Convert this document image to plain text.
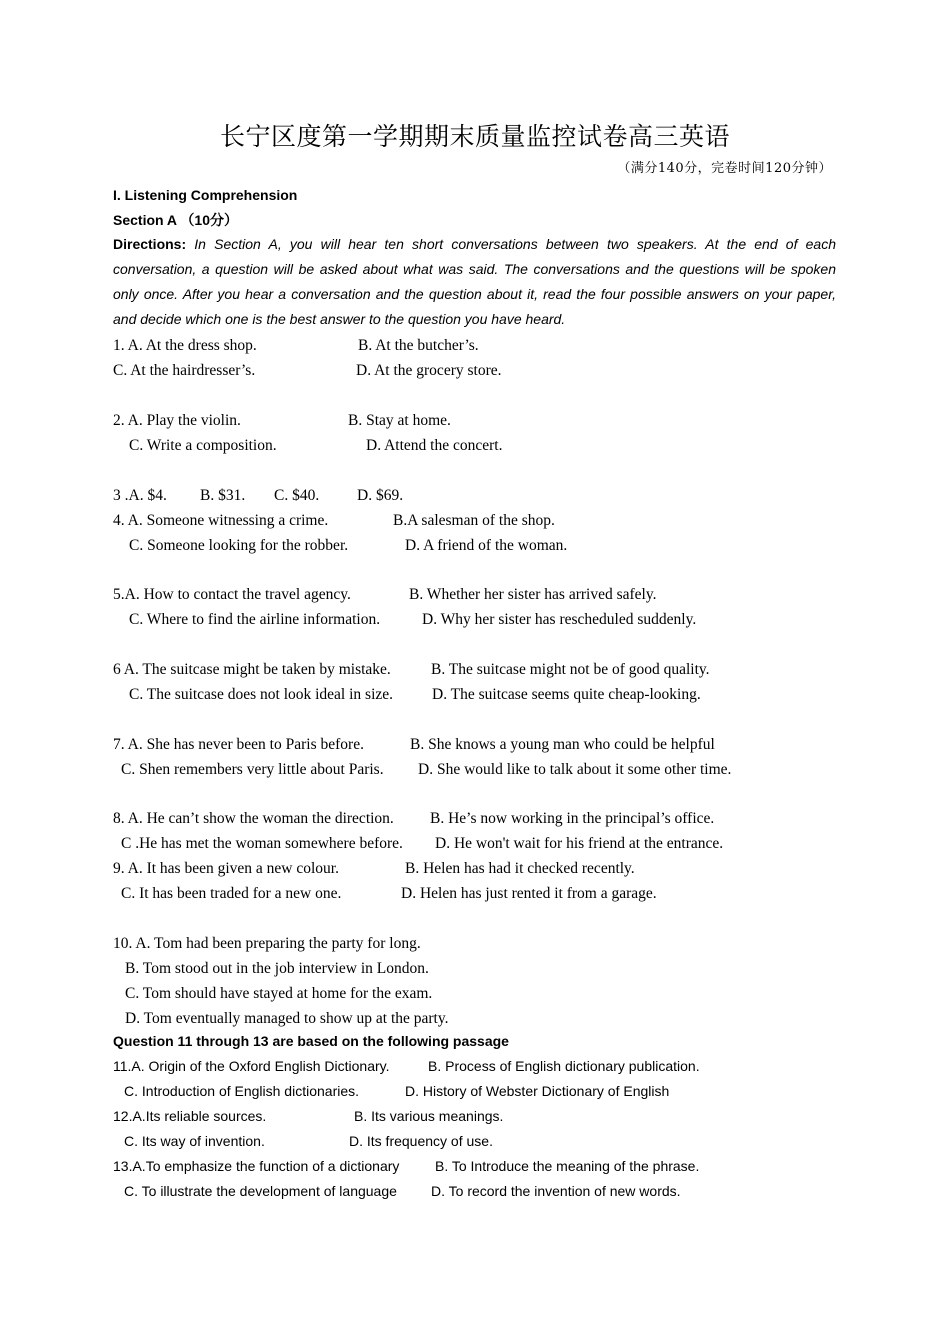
长宁区度第一学期期末质量监控试卷高三英语
（满分140分，完卷时间120分钟）
I. Listening Comprehension
Section A （10分）
Directions: In Section A, you will hear ten short conversations between two speakers. At the end of each conversation, a question will be asked about what was said. The conversations and the questions will be spoken only once. After you hear a conversation and the question about it, read the four possible answers on your paper, and decide which one is the best answer to the question you have heard.
1. A. At the dress shop.	B. At the butcher’s.
C. At the hairdresser’s.	D. At the grocery store.
2. A. Play the violin.	B. Stay at home.
C. Write a composition.	D. Attend the concert.
3 .A. $4. B. $31. C. $40. D. $69.
4. A. Someone witnessing a crime.	B.A salesman of the shop.
C. Someone looking for the robber.	D. A friend of the woman.
5.A. How to contact the travel agency.	B. Whether her sister has arrived safely.
C. Where to find the airline information.	D. Why her sister has rescheduled suddenly.
6 A. The suitcase might be taken by mistake.	B. The suitcase might not be of good quality.
C. The suitcase does not look ideal in size.	D. The suitcase seems quite cheap-looking.
7. A. She has never been to Paris before.	B. She knows a young man who could be helpful
C. Shen remembers very little about Paris. D. She would like to talk about it some other time.
8. A. He can’t show the woman the direction. B. He’s now working in the principal’s office.
C .He has met the woman somewhere before. D. He won't wait for his friend at the entrance.
9. A. It has been given a new colour.	B. Helen has had it checked recently.
C. It has been traded for a new one.	D. Helen has just rented it from a garage.
10. A. Tom had been preparing the party for long.
B. Tom stood out in the job interview in London.
C. Tom should have stayed at home for the exam.
D. Tom eventually managed to show up at the party.
Question 11 through 13 are based on the following passage
11.A. Origin of the Oxford English Dictionary.	B. Process of English dictionary publication.
C. Introduction of English dictionaries.	D. History of Webster Dictionary of English
12.A.Its reliable sources.	B. Its various meanings.
C. Its way of invention.	D. Its frequency of use.
13.A.To emphasize the function of a dictionary	B. To Introduce the meaning of the phrase.
C. To illustrate the development of language D. To record the invention of new words.
